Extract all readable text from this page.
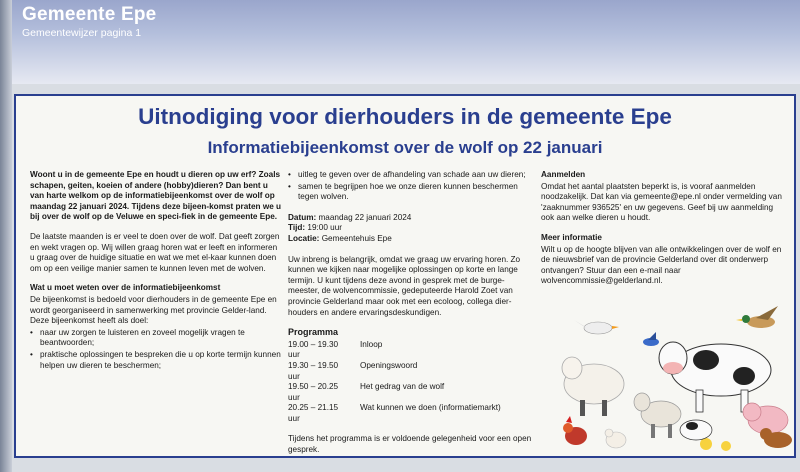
Gemeente Epe
Gemeentewijzer pagina 1
Uitnodiging voor dierhouders in de gemeente Epe
Informatiebijeenkomst over de wolf op 22 januari

Woont u in de gemeente Epe en houdt u dieren op uw erf? Zoals schapen, geiten, koeien of andere (hobby)dieren? Dan bent u van harte welkom op de informatiebijeenkomst over de wolf op maandag 22 januari 2024. Tijdens deze bijeen-komst praten we u bij over de wolf op de Veluwe en speci-fiek in de gemeente Epe.

De laatste maanden is er veel te doen over de wolf. Dat geeft zorgen en wekt vragen op. Wij willen graag horen wat er leeft en informeren u graag over de huidige situatie en wat we met el-kaar kunnen doen om op een veilige manier samen te kunnen leven met de wolven.

Wat u moet weten over de informatiebijeenkomst

De bijeenkomst is bedoeld voor dierhouders in de gemeente Epe en wordt georganiseerd in samenwerking met provincie Gelder-land. Deze bijeenkomst heeft als doel:

• naar uw zorgen te luisteren en zoveel mogelijk vragen te beantwoorden;
• praktische oplossingen te bespreken die u op korte termijn kunnen helpen uw dieren te beschermen;
• uitleg te geven over de afhandeling van schade aan uw dieren;
• samen te begrijpen hoe we onze dieren kunnen beschermen tegen wolven.
Datum: maandag 22 januari 2024
Tijd: 19:00 uur
Locatie: Gemeentehuis Epe

Uw inbreng is belangrijk, omdat we graag uw ervaring horen. Zo kunnen we kijken naar mogelijke oplossingen op korte en lange termijn. U kunt tijdens deze avond in gesprek met de burge-meester, de wolvencommissie, gedeputeerde Harold Zoet van provincie Gelderland maar ook met een ecoloog, collega dier-houders en andere ervaringsdeskundigen.

Programma
19.00 – 19.30 uur
Inloop
19.30 – 19.50 uur
Openingswoord
19.50 – 20.25 uur
Het gedrag van de wolf
20.25 – 21.15 uur
Wat kunnen we doen (informatiemarkt)

Tijdens het programma is er voldoende gelegenheid voor een open gesprek.

Aanmelden

Omdat het aantal plaatsten beperkt is, is vooraf aanmelden noodzakelijk. Dat kan via gemeente@epe.nl onder vermelding van 'zaaknummer 936525' en uw gegevens. Geef bij uw aanmelding ook aan welke dieren u houdt.

Meer informatie

Wilt u op de hoogte blijven van alle ontwikkelingen over de wolf en de nieuwsbrief van de provincie Gelderland over dit onderwerp ontvangen? Stuur dan een e-mail naar wolvencommissie@gelderland.nl.
